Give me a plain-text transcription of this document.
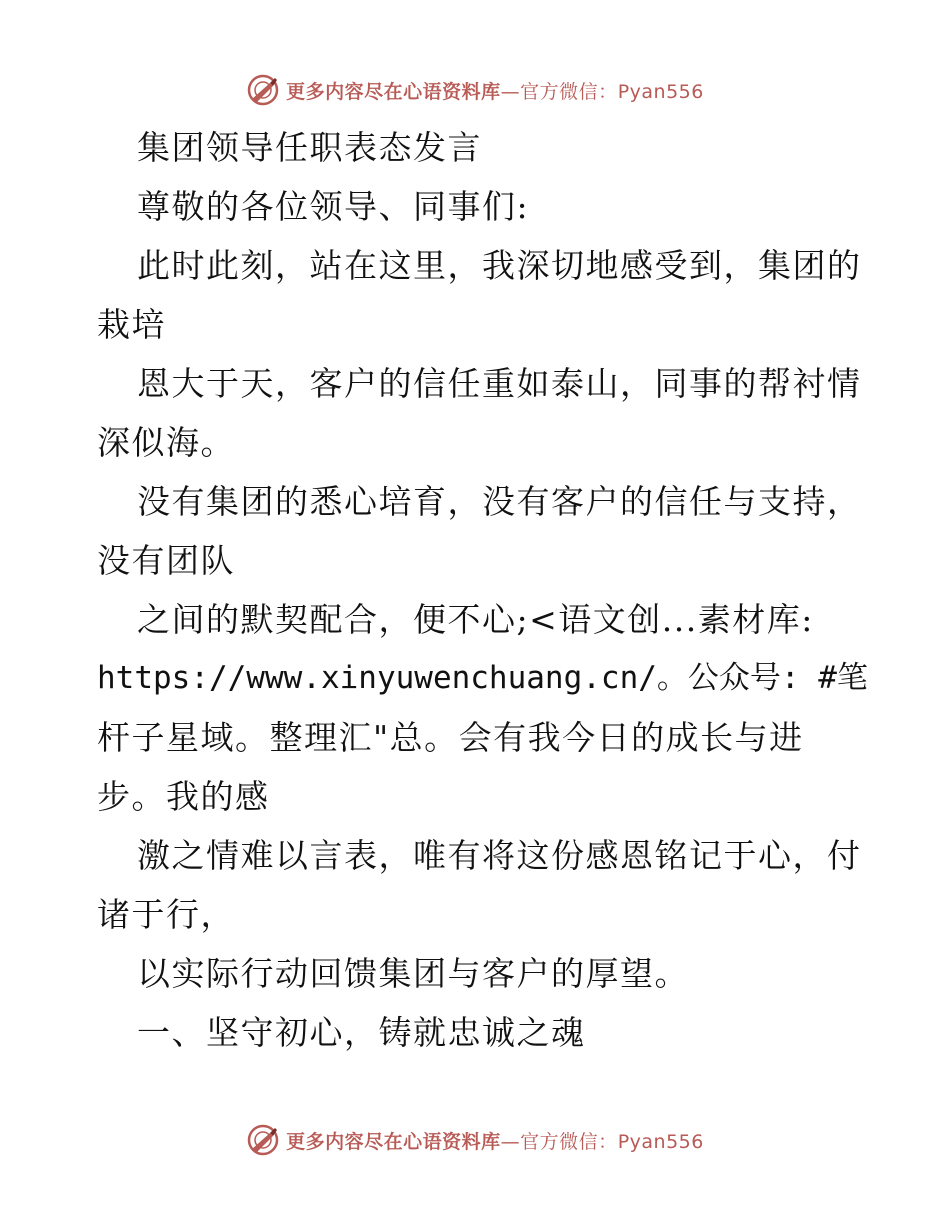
更多内容尽在心语资料库—官方微信：Pyan556
集团领导任职表态发言
尊敬的各位领导、同事们:
此时此刻，站在这里，我深切地感受到，集团的
栽培
恩大于天，客户的信任重如泰山，同事的帮衬情
深似海。
没有集团的悉心培育，没有客户的信任与支持，
没有团队
之间的默契配合，便不心;<语文创...素材库:
https://www.xinyuwenchuang.cn/。公众号: #笔
杆子星域。整理汇"总。会有我今日的成长与进
步。我的感
激之情难以言表，唯有将这份感恩铭记于心，付
诸于行，
以实际行动回馈集团与客户的厚望。
一、坚守初心，铸就忠诚之魂
更多内容尽在心语资料库—官方微信：Pyan556
